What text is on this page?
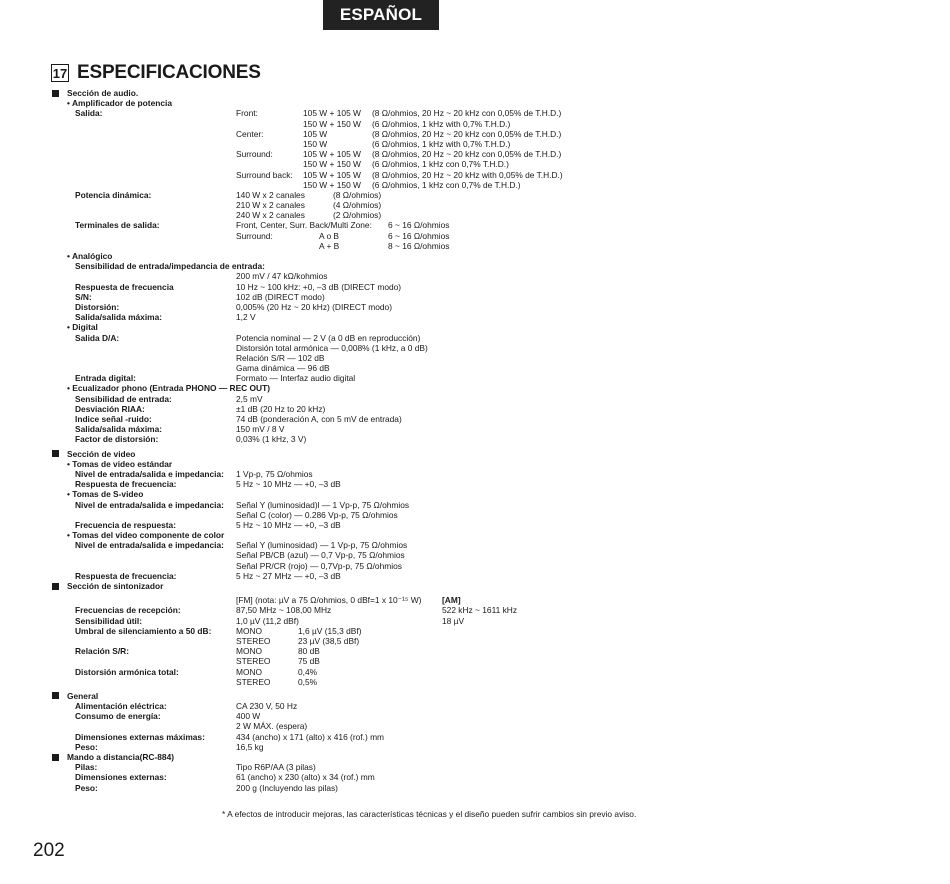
ESPAÑOL
17 ESPECIFICACIONES
Sección de audio.
• Amplificador de potencia
Salida:	Front:	105 W + 105 W (8 Ω/ohmios, 20 Hz ~ 20 kHz con 0,05% de T.H.D.)
150 W + 150 W (6 Ω/ohmios, 1 kHz with 0,7% T.H.D.)
Center:	105 W	(8 Ω/ohmios, 20 Hz ~ 20 kHz con 0,05% de T.H.D.)
150 W	(6 Ω/ohmios, 1 kHz with 0,7% T.H.D.)
Surround:	105 W + 105 W (8 Ω/ohmios, 20 Hz ~ 20 kHz con 0,05% de T.H.D.)
150 W + 150 W (6 Ω/ohmios, 1 kHz con 0,7% T.H.D.)
Surround back: 105 W + 105 W (8 Ω/ohmios, 20 Hz ~ 20 kHz with 0,05% de T.H.D.)
150 W + 150 W (6 Ω/ohmios, 1 kHz con 0,7% de T.H.D.)
Potencia dinámica:	140 W x 2 canales	(8 Ω/ohmios)
210 W x 2 canales	(4 Ω/ohmios)
240 W x 2 canales	(2 Ω/ohmios)
Terminales de salida:	Front, Center, Surr. Back/Multi Zone: 6 ~ 16 Ω/ohmios
Surround:	A o B	6 ~ 16 Ω/ohmios
A + B	8 ~ 16 Ω/ohmios
• Analógico
Sensibilidad de entrada/impedancia de entrada:
200 mV / 47 kΩ/kohmios
Respuesta de frecuencia	10 Hz ~ 100 kHz: +0, –3 dB (DIRECT modo)
S/N:	102 dB (DIRECT modo)
Distorsión:	0,005% (20 Hz ~ 20 kHz) (DIRECT modo)
Salida/salida máxima:	1,2 V
• Digital
Salida D/A:	Potencia nominal — 2 V (a 0 dB en reproducción)
Distorsión total armónica — 0,008% (1 kHz, a 0 dB)
Relación S/R — 102 dB
Gama dinámica — 96 dB
Entrada digital:	Formato — Interfaz audio digital
• Ecualizador phono (Entrada PHONO — REC OUT)
Sensibilidad de entrada:	2,5 mV
Desviación RIAA:	±1 dB (20 Hz to 20 kHz)
Indice señal -ruido:	74 dB (ponderación A, con 5 mV de entrada)
Salida/salida máxima:	150 mV / 8 V
Factor de distorsión:	0,03% (1 kHz, 3 V)
Sección de video
• Tomas de video estándar
Nivel de entrada/salida e impedancia: 1 Vp-p, 75 Ω/ohmios
Respuesta de frecuencia:	5 Hz ~ 10 MHz — +0, –3 dB
• Tomas de S-video
Nivel de entrada/salida e impedancia: Señal Y (luminosidad)l — 1 Vp-p, 75 Ω/ohmios
Señal C (color) — 0.286 Vp-p, 75 Ω/ohmios
Frecuencia de respuesta:	5 Hz ~ 10 MHz — +0, –3 dB
• Tomas del video componente de color
Nivel de entrada/salida e impedancia: Señal Y (luminosidad) — 1 Vp-p, 75 Ω/ohmios
Señal PB/CB (azul) — 0,7 Vp-p, 75 Ω/ohmios
Señal PR/CR (rojo) — 0,7Vp-p, 75 Ω/ohmios
Respuesta de frecuencia:	5 Hz ~ 27 MHz — +0, –3 dB
Sección de sintonizador
[FM] (nota: µV a 75 Ω/ohmios, 0 dBf=1 x 10⁻¹⁵ W) [AM]
Frecuencias de recepción:	87,50 MHz ~ 108,00 MHz	522 kHz ~ 1611 kHz
Sensibilidad útil:	1,0 µV (11,2 dBf)	18 µV
Umbral de silenciamiento a 50 dB:	MONO	1,6 µV (15,3 dBf)
STEREO	23 µV (38,5 dBf)
Relación S/R:	MONO	80 dB
STEREO	75 dB
Distorsión armónica total:	MONO	0,4%
STEREO	0,5%
General
Alimentación eléctrica:	CA 230 V, 50 Hz
Consumo de energía:	400 W
2 W MÁX. (espera)
Dimensiones externas máximas:	434 (ancho) x 171 (alto) x 416 (rof.) mm
Peso:	16,5 kg
Mando a distancia(RC-884)
Pilas:	Tipo R6P/AA (3 pilas)
Dimensiones externas:	61 (ancho) x 230 (alto) x 34 (rof.) mm
Peso:	200 g (Incluyendo las pilas)
* A efectos de introducir mejoras, las características técnicas y el diseño pueden sufrir cambios sin previo aviso.
202
